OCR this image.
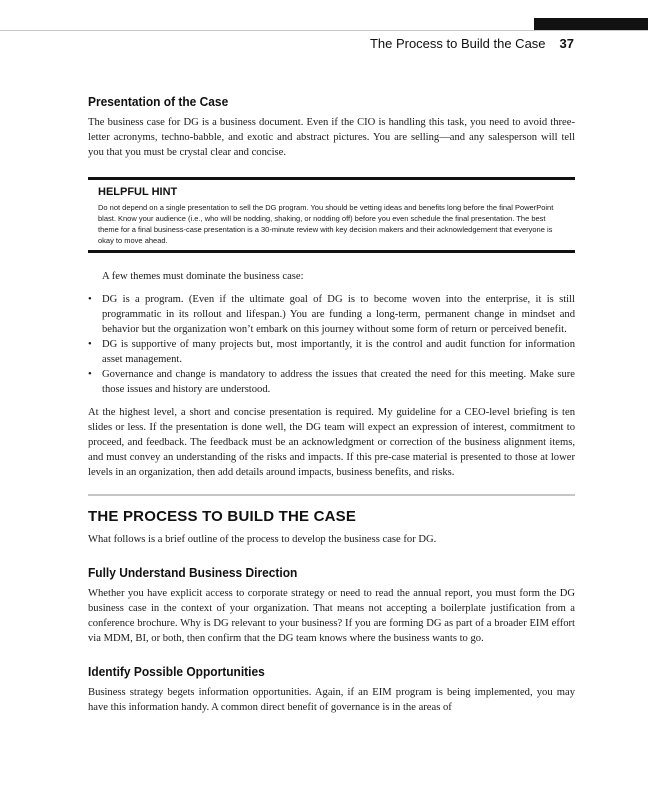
The Process to Build the Case 37
Presentation of the Case

The business case for DG is a business document. Even if the CIO is handling this task, you need to avoid three-letter acronyms, techno-babble, and exotic and abstract pictures. You are selling—and any salesperson will tell you that you must be crystal clear and concise.

HELPFUL HINT

Do not depend on a single presentation to sell the DG program. You should be vetting ideas and benefits long before the final PowerPoint blast. Know your audience (i.e., who will be nodding, shaking, or nodding off) before you even schedule the final presentation. The best theme for a final business-case presentation is a 30-minute review with key decision makers and their acknowledgement that everyone is okay to move ahead.

A few themes must dominate the business case:

• DG is a program. (Even if the ultimate goal of DG is to become woven into the enterprise, it is still programmatic in its rollout and lifespan.) You are funding a long-term, permanent change in mindset and behavior but the organization won’t embark on this journey without some form of return or perceived benefit.
• DG is supportive of many projects but, most importantly, it is the control and audit function for information asset management.
• Governance and change is mandatory to address the issues that created the need for this meeting. Make sure those issues and history are understood.

At the highest level, a short and concise presentation is required. My guideline for a CEO-level briefing is ten slides or less. If the presentation is done well, the DG team will expect an expression of interest, commitment to proceed, and feedback. The feedback must be an acknowledgment or correction of the business alignment items, and must convey an understanding of the risks and impacts. If this pre-case material is presented to those at lower levels in an organization, then add details around impacts, business benefits, and risks.

THE PROCESS TO BUILD THE CASE

What follows is a brief outline of the process to develop the business case for DG.

Fully Understand Business Direction

Whether you have explicit access to corporate strategy or need to read the annual report, you must form the DG business case in the context of your organization. That means not accepting a boilerplate justification from a conference brochure. Why is DG relevant to your business? If you are forming DG as part of a broader EIM effort via MDM, BI, or both, then confirm that the DG team knows where the business wants to go.

Identify Possible Opportunities

Business strategy begets information opportunities. Again, if an EIM program is being implemented, you may have this information handy. A common direct benefit of governance is in the areas of
